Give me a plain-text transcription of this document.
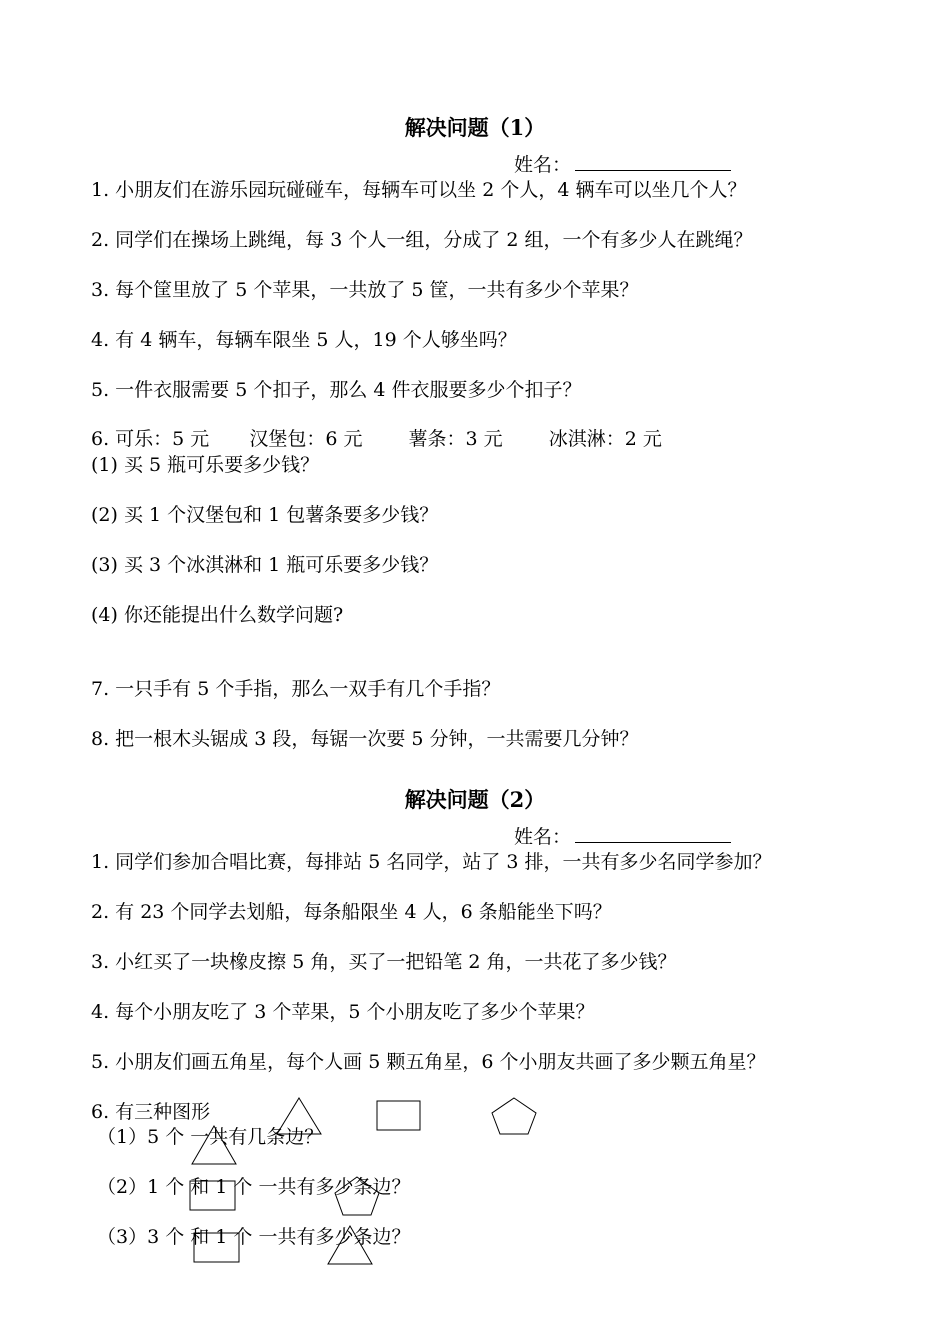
解决问题（1）
姓名：
1. 小朋友们在游乐园玩碰碰车，每辆车可以坐 2 个人，4 辆车可以坐几个人？
2. 同学们在操场上跳绳，每 3 个人一组，分成了 2 组，一个有多少人在跳绳？
3. 每个筐里放了 5 个苹果，一共放了 5 筐，一共有多少个苹果？
4. 有 4 辆车，每辆车限坐 5 人，19 个人够坐吗？
5. 一件衣服需要 5 个扣子，那么 4 件衣服要多少个扣子？
6. 可乐：5 元 汉堡包：6 元 薯条：3 元 冰淇淋：2 元
(1) 买 5 瓶可乐要多少钱？
(2) 买 1 个汉堡包和 1 包薯条要多少钱？
(3) 买 3 个冰淇淋和 1 瓶可乐要多少钱？
(4) 你还能提出什么数学问题?
7. 一只手有 5 个手指，那么一双手有几个手指？
8. 把一根木头锯成 3 段，每锯一次要 5 分钟，一共需要几分钟？
解决问题（2）
姓名：
1. 同学们参加合唱比赛，每排站 5 名同学，站了 3 排，一共有多少名同学参加？
2. 有 23 个同学去划船，每条船限坐 4 人，6 条船能坐下吗？
3. 小红买了一块橡皮擦 5 角，买了一把铅笔 2 角，一共花了多少钱？
4. 每个小朋友吃了 3 个苹果，5 个小朋友吃了多少个苹果？
5. 小朋友们画五角星，每个人画 5 颗五角星，6 个小朋友共画了多少颗五角星？
6. 有三种图形
（1）5 个 一共有几条边？
（2）1 个 和 1 个 一共有多少条边？
（3）3 个 和 1 个 一共有多少条边？
